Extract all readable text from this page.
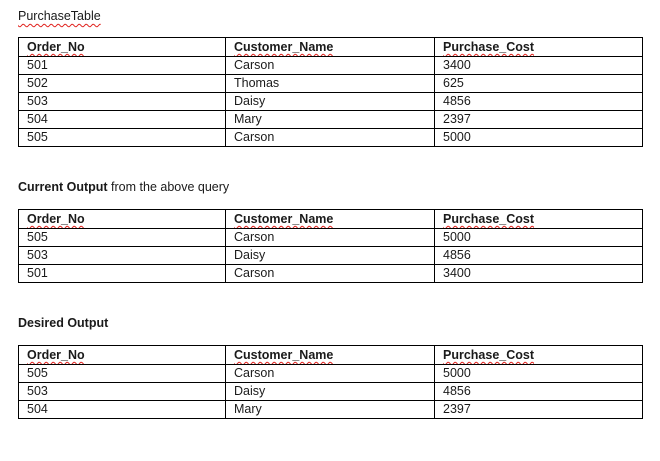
PurchaseTable
Order_No	Customer_Name	Purchase_Cost
501	Carson	3400
502	Thomas	625
503	Daisy	4856
504	Mary	2397
505	Carson	5000
Current Output from the above query
Order_No	Customer_Name	Purchase_Cost
505	Carson	5000
503	Daisy	4856
501	Carson	3400
Desired Output
Order_No	Customer_Name	Purchase_Cost
505	Carson	5000
503	Daisy	4856
504	Mary	2397
